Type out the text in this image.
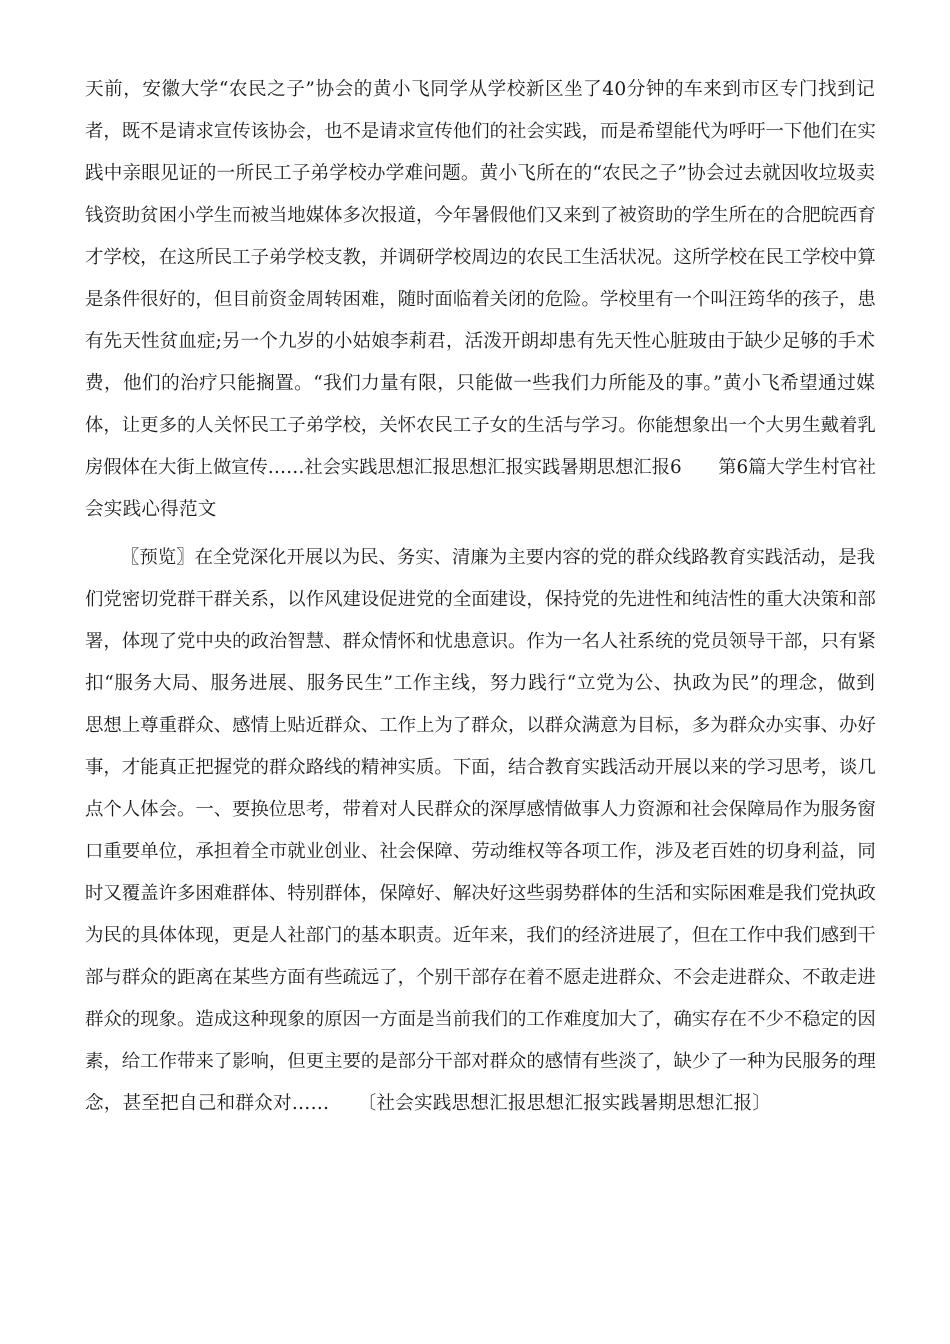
天前，安徽大学“农民之子”协会的黄小飞同学从学校新区坐了40分钟的车来到市区专门找到记
者，既不是请求宣传该协会，也不是请求宣传他们的社会实践，而是希望能代为呼吁一下他们在实
践中亲眼见证的一所民工子弟学校办学难问题。黄小飞所在的“农民之子”协会过去就因收垃圾卖
钱资助贫困小学生而被当地媒体多次报道，今年暑假他们又来到了被资助的学生所在的合肥皖西育
才学校，在这所民工子弟学校支教，并调研学校周边的农民工生活状况。这所学校在民工学校中算
是条件很好的，但目前资金周转困难，随时面临着关闭的危险。学校里有一个叫汪筠华的孩子，患
有先天性贫血症;另一个九岁的小姑娘李莉君，活泼开朗却患有先天性心脏玻由于缺少足够的手术
费，他们的治疗只能搁置。“我们力量有限，只能做一些我们力所能及的事。”黄小飞希望通过媒
体，让更多的人关怀民工子弟学校，关怀农民工子女的生活与学习。你能想象出一个大男生戴着乳
房假体在大街上做宣传……社会实践思想汇报思想汇报实践暑期思想汇报6　　第6篇大学生村官社
会实践心得范文
〖预览〗在全党深化开展以为民、务实、清廉为主要内容的党的群众线路教育实践活动，是我
们党密切党群干群关系，以作风建设促进党的全面建设，保持党的先进性和纯洁性的重大决策和部
署，体现了党中央的政治智慧、群众情怀和忧患意识。作为一名人社系统的党员领导干部，只有紧
扣“服务大局、服务进展、服务民生”工作主线，努力践行“立党为公、执政为民”的理念，做到
思想上尊重群众、感情上贴近群众、工作上为了群众，以群众满意为目标，多为群众办实事、办好
事，才能真正把握党的群众路线的精神实质。下面，结合教育实践活动开展以来的学习思考，谈几
点个人体会。一、要换位思考，带着对人民群众的深厚感情做事人力资源和社会保障局作为服务窗
口重要单位，承担着全市就业创业、社会保障、劳动维权等各项工作，涉及老百姓的切身利益，同
时又覆盖许多困难群体、特别群体，保障好、解决好这些弱势群体的生活和实际困难是我们党执政
为民的具体体现，更是人社部门的基本职责。近年来，我们的经济进展了，但在工作中我们感到干
部与群众的距离在某些方面有些疏远了，个别干部存在着不愿走进群众、不会走进群众、不敢走进
群众的现象。造成这种现象的原因一方面是当前我们的工作难度加大了，确实存在不少不稳定的因
素，给工作带来了影响，但更主要的是部分干部对群众的感情有些淡了，缺少了一种为民服务的理
念，甚至把自己和群众对……　　〔社会实践思想汇报思想汇报实践暑期思想汇报〕
